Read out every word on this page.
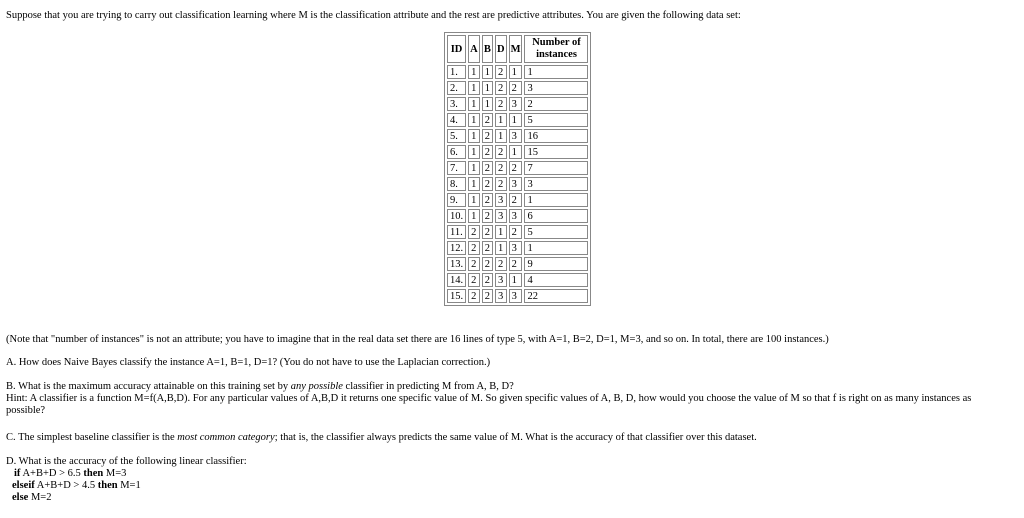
Suppose that you are trying to carry out classification learning where M is the classification attribute and the rest are predictive attributes. You are given the following data set:
ID	A	B	D	M	Number of instances
1.	1	1	2	1	1
2.	1	1	2	2	3
3.	1	1	2	3	2
4.	1	2	1	1	5
5.	1	2	1	3	16
6.	1	2	2	1	15
7.	1	2	2	2	7
8.	1	2	2	3	3
9.	1	2	3	2	1
10.	1	2	3	3	6
11.	2	2	1	2	5
12.	2	2	1	3	1
13.	2	2	2	2	9
14.	2	2	3	1	4
15.	2	2	3	3	22
(Note that "number of instances" is not an attribute; you have to imagine that in the real data set there are 16 lines of type 5, with A=1, B=2, D=1, M=3, and so on. In total, there are 100 instances.)
A. How does Naive Bayes classify the instance A=1, B=1, D=1? (You do not have to use the Laplacian correction.)
B. What is the maximum accuracy attainable on this training set by any possible classifier in predicting M from A, B, D?
Hint: A classifier is a function M=f(A,B,D). For any particular values of A,B,D it returns one specific value of M. So given specific values of A, B, D, how would you choose the value of M so that f is right on as many instances as possible?
C. The simplest baseline classifier is the most common category; that is, the classifier always predicts the same value of M. What is the accuracy of that classifier over this dataset.
D. What is the accuracy of the following linear classifier:
if A+B+D > 6.5 then M=3
elseif A+B+D > 4.5 then M=1
else M=2
